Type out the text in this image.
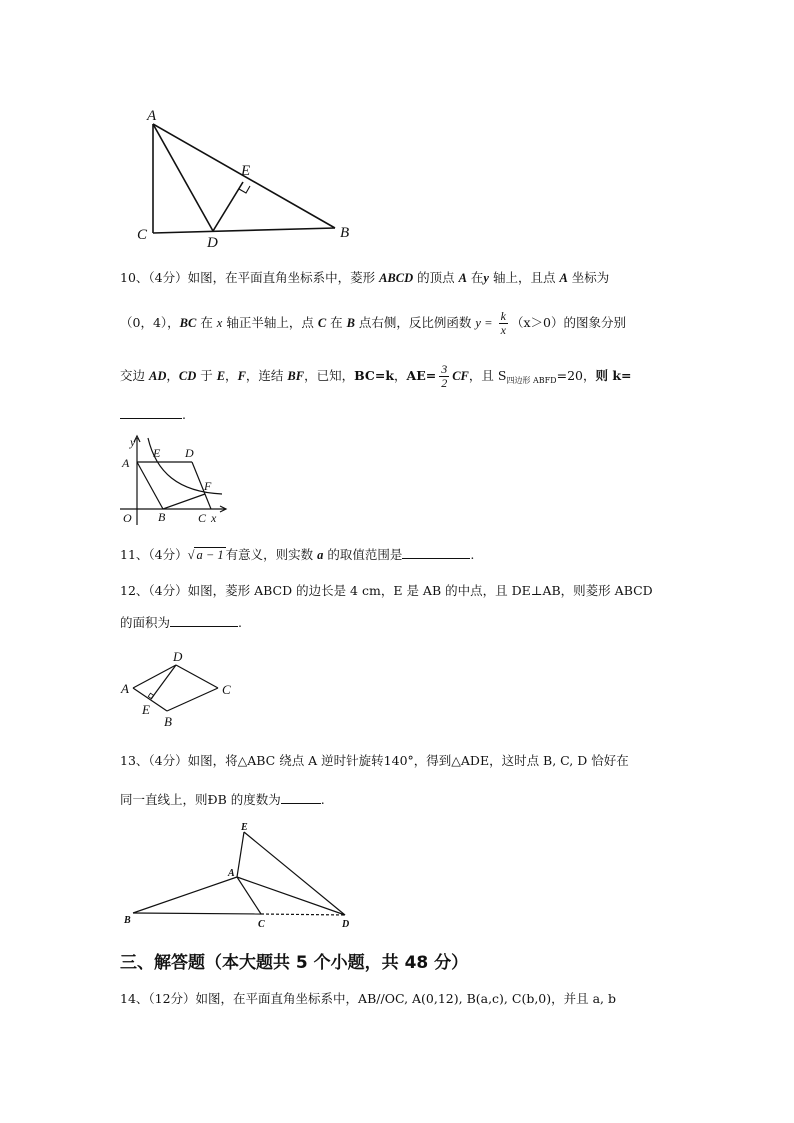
A
C	D
E
B
10、（4分）如图，在平面直角坐标系中，菱形 ABCD 的顶点 A 在y 轴上，且点 A 坐标为
（0，4），BC 在 x 轴正半轴上，点 C 在 B 点右侧，反比例函数 $y = \frac{k}{x} (x>0)$的图象分别
交边 AD，CD 于 E，F，连结 BF，已知，BC=k，$AE= \frac{3}{2}$ CF，且 $S_{四边形 ABFD}=20$，则 k=
.
y
A
E D
F
O B	C x
11、（4分）√ a − 1 有意义，则实数 a 的取值范围是	.
12、（4分）如图，菱形 ABCD 的边长是 4 cm，E 是 AB 的中点，且 DE⊥AB，则菱形 ABCD
的面积为	.
D
A	C
E
B
13、（4分）如图，将△ABC 绕点 A 逆时针旋转140°，得到△ADE，这时点 B, C, D 恰好在
同一直线上，则ÐB 的度数为	.
E
A
B	C	D
三、解答题（本大题共 5 个小题，共 48 分）
14、（12分）如图，在平面直角坐标系中，AB//OC, A(0,12), B(a,c), C(b,0)，并且 a, b
